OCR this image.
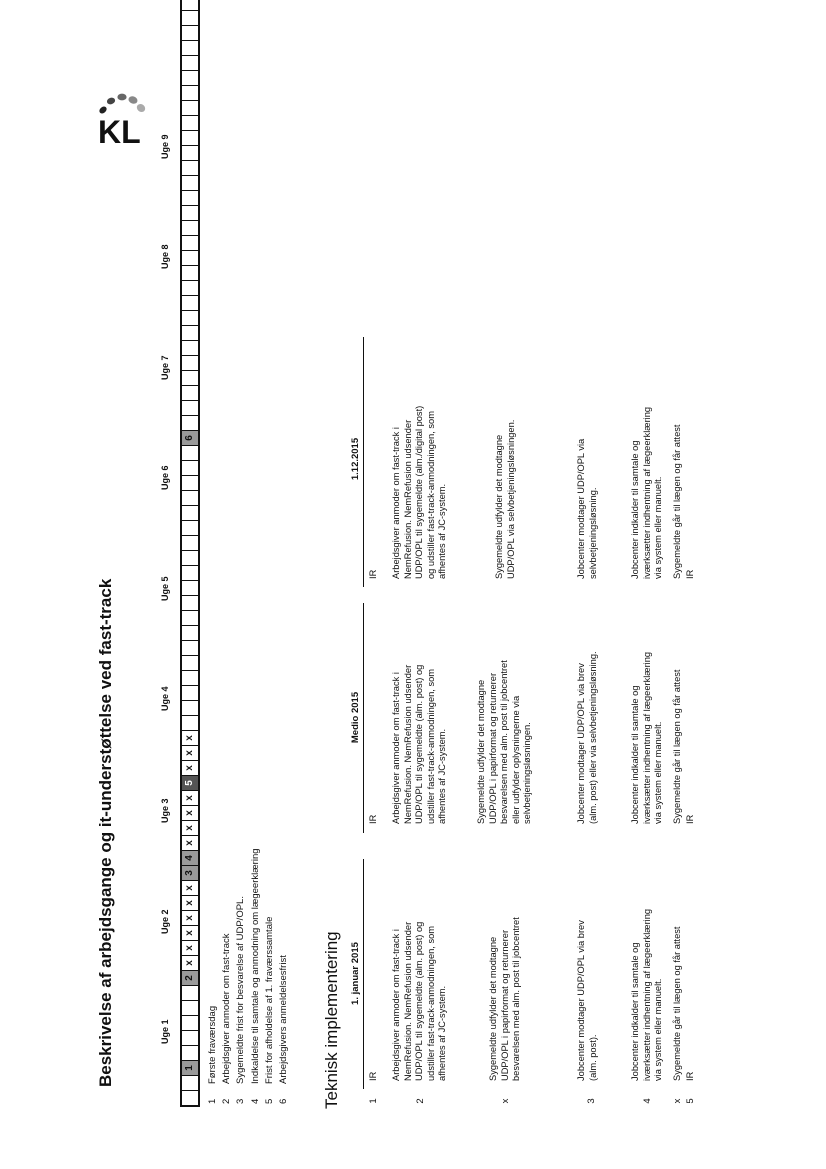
Beskrivelse af arbejdsgange og it-understøttelse ved fast-track
KL
Uge 1
Uge 2
Uge 3
Uge 4
Uge 5
Uge 6
Uge 7
Uge 8
Uge 9
1
2
x
x
x
x
x
x
3
4
x
x
x
x
5
x
x
x
6
1
Første fraværsdag
2
Arbejdsgiver anmoder om fast-track
3
Sygemeldte frist for besvarelse af UDP/OPL.
4
Indkaldelse til samtale og anmodning om lægeerklæring
5
Frist for afholdelse af 1. fraværssamtale
6
Arbejdsgivers anmeldelsesfrist Teknisk implementering 1. januar 2015
Medio 2015
1.12.2015
1
IR
IR
IR
2
Arbejdsgiver anmoder om fast-track i
NemRefusion. NemRefusion udsender
UDP/OPL til sygemeldte (alm. post) og
udstiller fast-track-anmodningen, som
afhentes af JC-system.
Arbejdsgiver anmoder om fast-track i
NemRefusion. NemRefusion udsender
UDP/OPL til sygemeldte (alm. post) og
udstiller fast-track-anmodningen, som
afhentes af JC-system.
Arbejdsgiver anmoder om fast-track i
NemRefusion. NemRefusion udsender
UDP/OPL til sygemeldte (alm./digital post)
og udstiller fast-track-anmodningen, som
afhentes af JC-system.
x
Sygemeldte udfylder det modtagne
UDP/OPL i papirformat og returnerer
besvarelsen med alm. post til jobcentret
Sygemeldte udfylder det modtagne
UDP/OPL i papirformat og returnerer
besvarelsen med alm. post til jobcentret
eller udfylder oplysningerne via
selvbetjeningsløsningen.
Sygemeldte udfylder det modtagne
UDP/OPL via selvbetjeningsløsningen.
3
Jobcenter modtager UDP/OPL via brev
(alm. post).
Jobcenter modtager UDP/OPL via brev
(alm. post) eller via selvbetjeningsløsning.
Jobcenter modtager UDP/OPL via
selvbetjeningsløsning.
4
Jobcenter indkalder til samtale og
iværksætter indhentning af lægeerklæring
via system eller manuelt.
Jobcenter indkalder til samtale og
iværksætter indhentning af lægeerklæring
via system eller manuelt.
Jobcenter indkalder til samtale og
iværksætter indhentning af lægeerklæring
via system eller manuelt.
x
Sygemeldte går til lægen og får attest
Sygemeldte går til lægen og får attest
Sygemeldte går til lægen og får attest
5
IR
IR
IR
